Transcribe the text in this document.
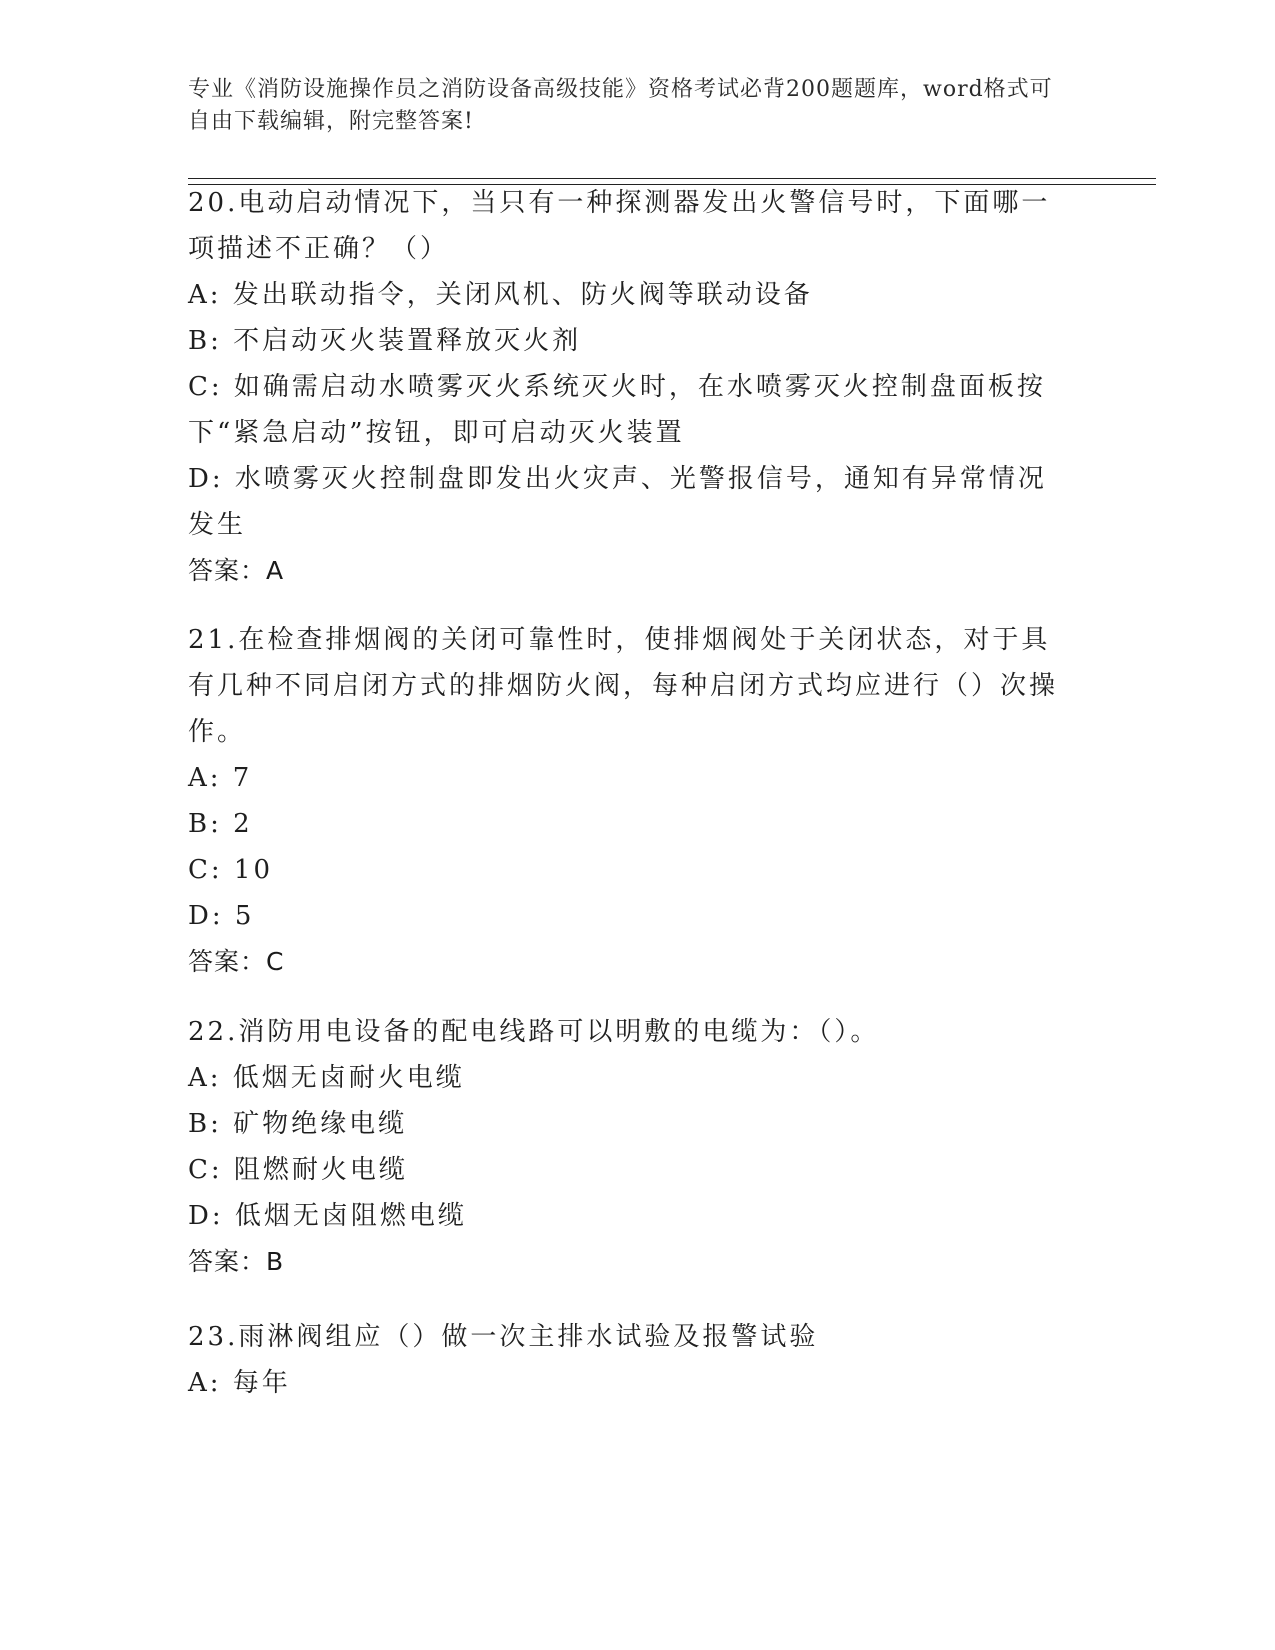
专业《消防设施操作员之消防设备高级技能》资格考试必背200题题库，word格式可自由下载编辑，附完整答案!

20.电动启动情况下，当只有一种探测器发出火警信号时，下面哪一项描述不正确？（）

A: 发出联动指令，关闭风机、防火阀等联动设备

B: 不启动灭火装置释放灭火剂

C: 如确需启动水喷雾灭火系统灭火时，在水喷雾灭火控制盘面板按下“紧急启动”按钮，即可启动灭火装置

D: 水喷雾灭火控制盘即发出火灾声、光警报信号，通知有异常情况发生

答案：A

21.在检查排烟阀的关闭可靠性时，使排烟阀处于关闭状态，对于具有几种不同启闭方式的排烟防火阀，每种启闭方式均应进行（）次操作。

A: 7

B: 2

C: 10

D: 5

答案：C

22.消防用电设备的配电线路可以明敷的电缆为：（）。

A: 低烟无卤耐火电缆

B: 矿物绝缘电缆

C: 阻燃耐火电缆

D: 低烟无卤阻燃电缆

答案：B

23.雨淋阀组应（）做一次主排水试验及报警试验

A: 每年
